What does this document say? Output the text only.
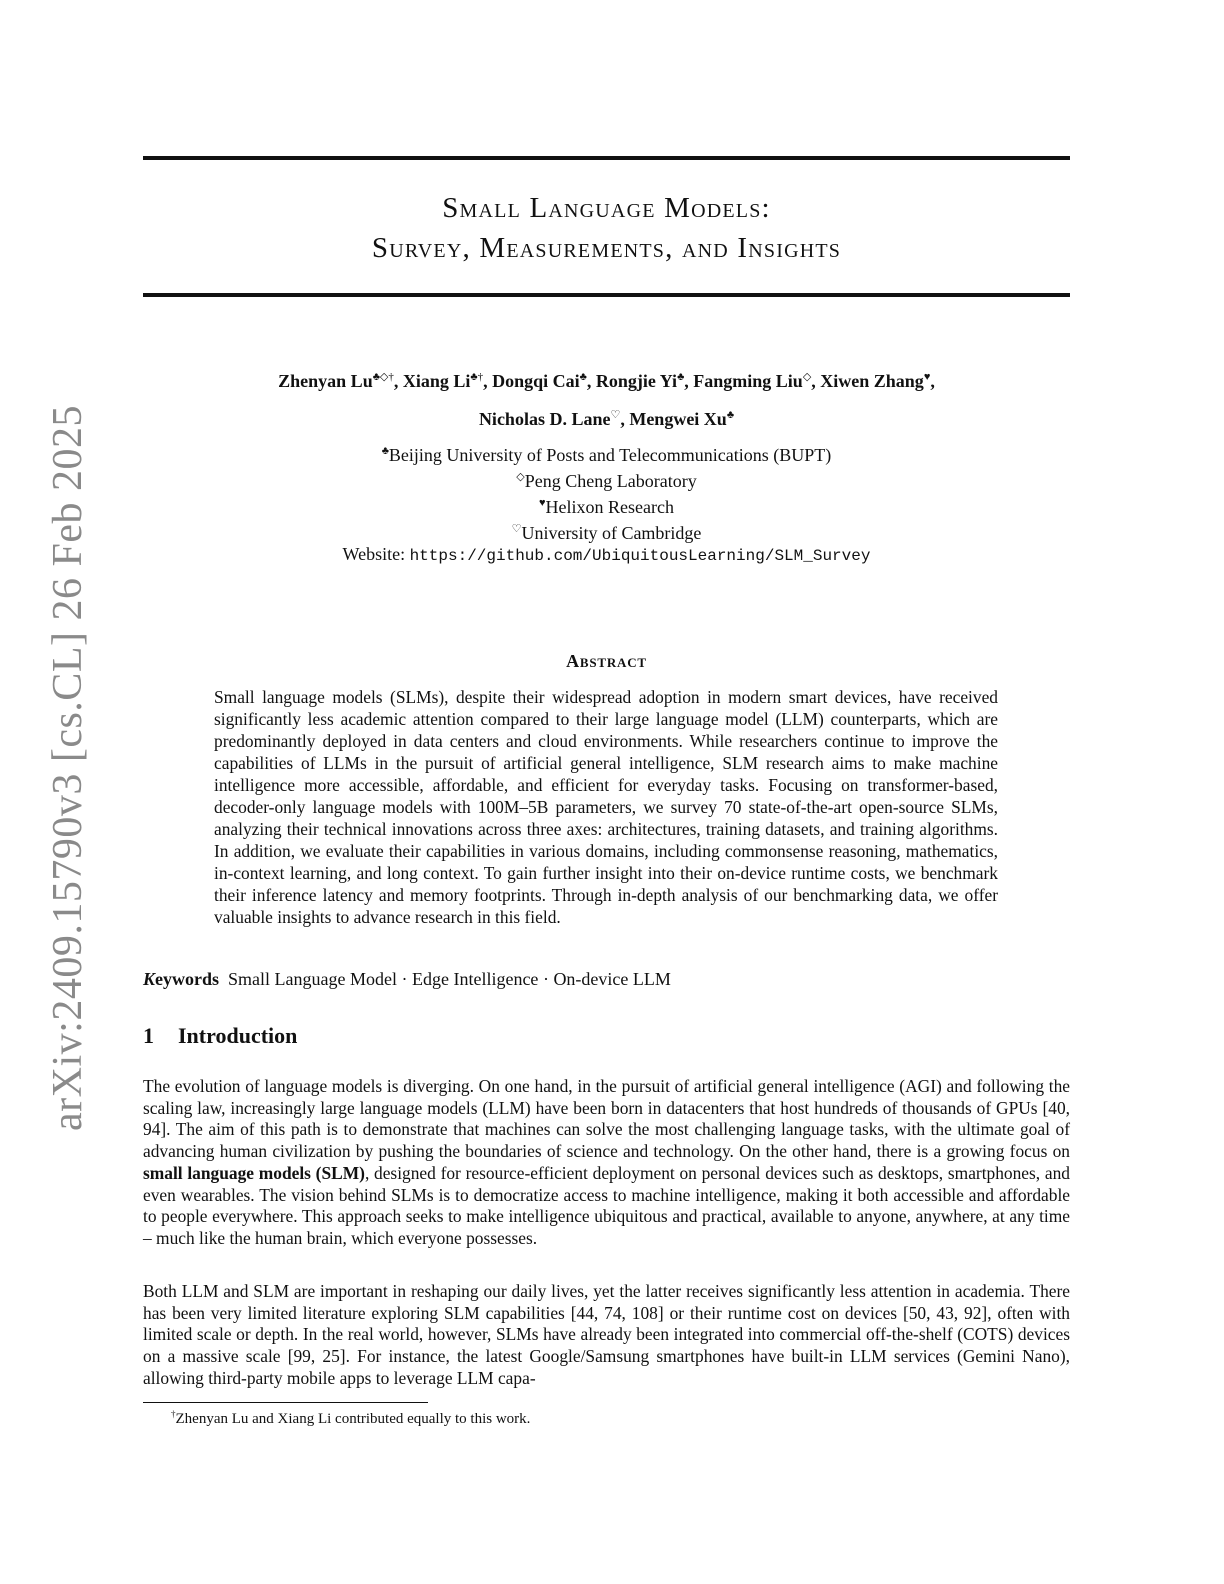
arXiv:2409.15790v3 [cs.CL] 26 Feb 2025
Small Language Models:
Survey, Measurements, and Insights
Zhenyan Lu♣◇†, Xiang Li♣†, Dongqi Cai♣, Rongjie Yi♣, Fangming Liu◇, Xiwen Zhang♥,
Nicholas D. Lane♡, Mengwei Xu♣
♣Beijing University of Posts and Telecommunications (BUPT)
◇Peng Cheng Laboratory
♥Helixon Research
♡University of Cambridge
Website: https://github.com/UbiquitousLearning/SLM_Survey
Abstract

Small language models (SLMs), despite their widespread adoption in modern smart devices, have received significantly less academic attention compared to their large language model (LLM) counterparts, which are predominantly deployed in data centers and cloud environments. While researchers continue to improve the capabilities of LLMs in the pursuit of artificial general intelligence, SLM research aims to make machine intelligence more accessible, affordable, and efficient for everyday tasks. Focusing on transformer-based, decoder-only language models with 100M–5B parameters, we survey 70 state-of-the-art open-source SLMs, analyzing their technical innovations across three axes: architectures, training datasets, and training algorithms. In addition, we evaluate their capabilities in various domains, including commonsense reasoning, mathematics, in-context learning, and long context. To gain further insight into their on-device runtime costs, we benchmark their inference latency and memory footprints. Through in-depth analysis of our benchmarking data, we offer valuable insights to advance research in this field.

Keywords Small Language Model · Edge Intelligence · On-device LLM
1 Introduction

The evolution of language models is diverging. On one hand, in the pursuit of artificial general intelligence (AGI) and following the scaling law, increasingly large language models (LLM) have been born in datacenters that host hundreds of thousands of GPUs [40, 94]. The aim of this path is to demonstrate that machines can solve the most challenging language tasks, with the ultimate goal of advancing human civilization by pushing the boundaries of science and technology. On the other hand, there is a growing focus on small language models (SLM), designed for resource-efficient deployment on personal devices such as desktops, smartphones, and even wearables. The vision behind SLMs is to democratize access to machine intelligence, making it both accessible and affordable to people everywhere. This approach seeks to make intelligence ubiquitous and practical, available to anyone, anywhere, at any time – much like the human brain, which everyone possesses.

Both LLM and SLM are important in reshaping our daily lives, yet the latter receives significantly less attention in academia. There has been very limited literature exploring SLM capabilities [44, 74, 108] or their runtime cost on devices [50, 43, 92], often with limited scale or depth. In the real world, however, SLMs have already been integrated into commercial off-the-shelf (COTS) devices on a massive scale [99, 25]. For instance, the latest Google/Samsung smartphones have built-in LLM services (Gemini Nano), allowing third-party mobile apps to leverage LLM capa-

†Zhenyan Lu and Xiang Li contributed equally to this work.
